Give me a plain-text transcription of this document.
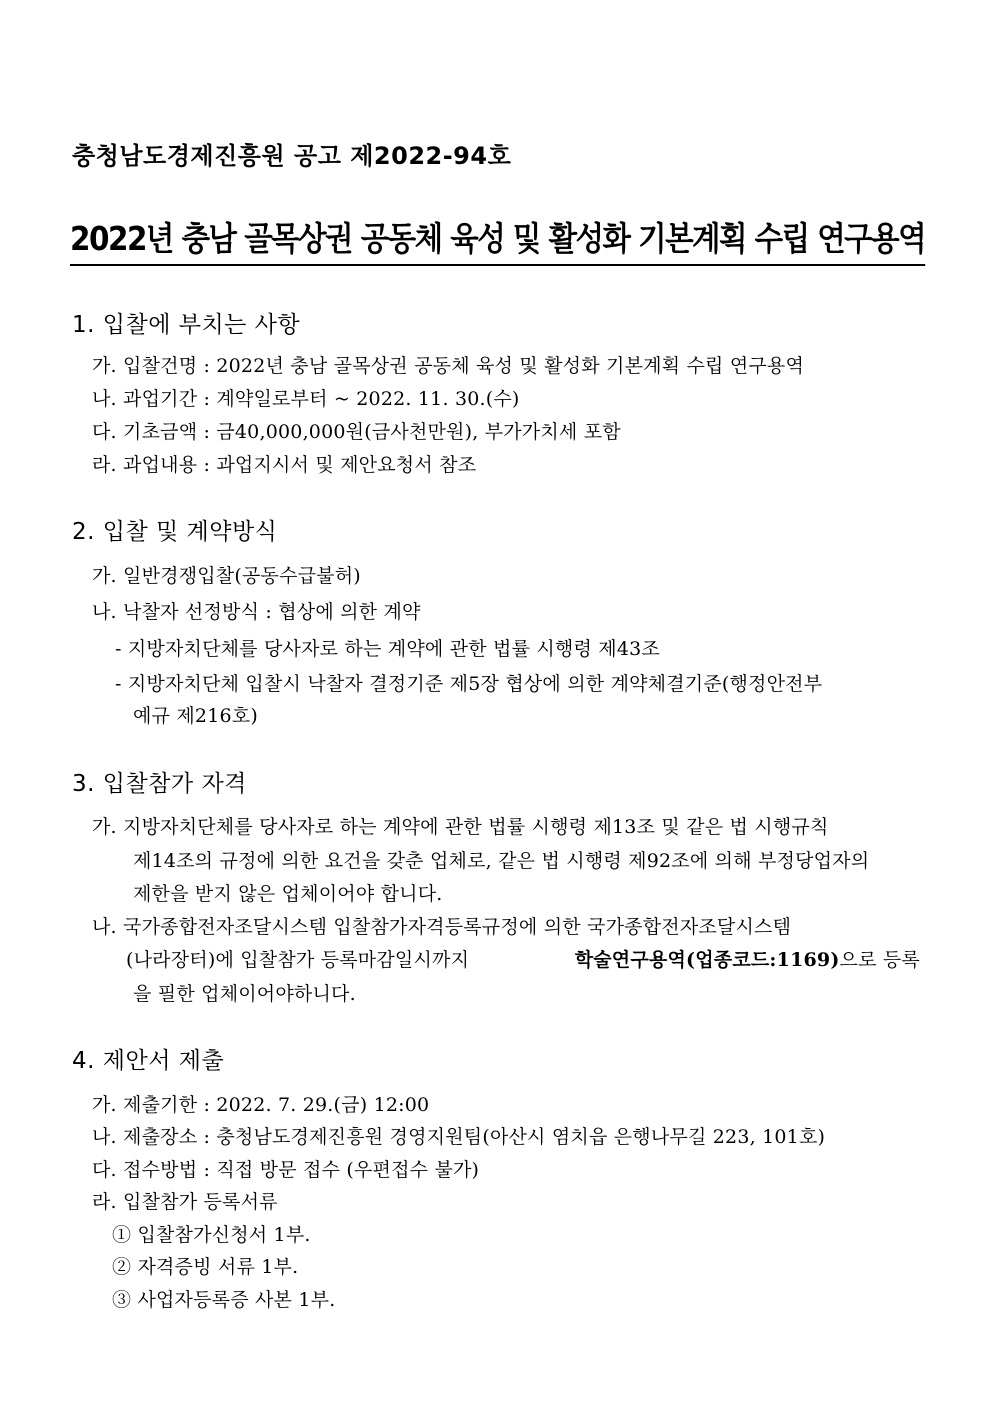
충청남도경제진흥원 공고 제2022-94호
2022년 충남 골목상권 공동체 육성 및 활성화 기본계획 수립 연구용역
1. 입찰에 부치는 사항
가. 입찰건명 : 2022년 충남 골목상권 공동체 육성 및 활성화 기본계획 수립 연구용역
나. 과업기간 : 계약일로부터 ~ 2022. 11. 30.(수)
다. 기초금액 : 금40,000,000원(금사천만원), 부가가치세 포함
라. 과업내용 : 과업지시서 및 제안요청서 참조
2. 입찰 및 계약방식
가. 일반경쟁입찰(공동수급불허)
나. 낙찰자 선정방식 : 협상에 의한 계약
- 지방자치단체를 당사자로 하는 계약에 관한 법률 시행령 제43조
- 지방자치단체 입찰시 낙찰자 결정기준 제5장 협상에 의한 계약체결기준(행정안전부
예규 제216호)
3. 입찰참가 자격
가. 지방자치단체를 당사자로 하는 계약에 관한 법률 시행령 제13조 및 같은 법 시행규칙
제14조의 규정에 의한 요건을 갖춘 업체로, 같은 법 시행령 제92조에 의해 부정당업자의
제한을 받지 않은 업체이어야 합니다.
나. 국가종합전자조달시스템 입찰참가자격등록규정에 의한 국가종합전자조달시스템
(나라장터)에 입찰참가 등록마감일시까지	학술연구용역(업종코드:1169)으로 등록
을 필한 업체이어야하니다.
4. 제안서 제출
가. 제출기한 : 2022. 7. 29.(금) 12:00
나. 제출장소 : 충청남도경제진흥원 경영지원팀(아산시 염치읍 은행나무길 223, 101호)
다. 접수방법 : 직접 방문 접수 (우편접수 불가)
라. 입찰참가 등록서류
① 입찰참가신청서 1부.
② 자격증빙 서류 1부.
③ 사업자등록증 사본 1부.
